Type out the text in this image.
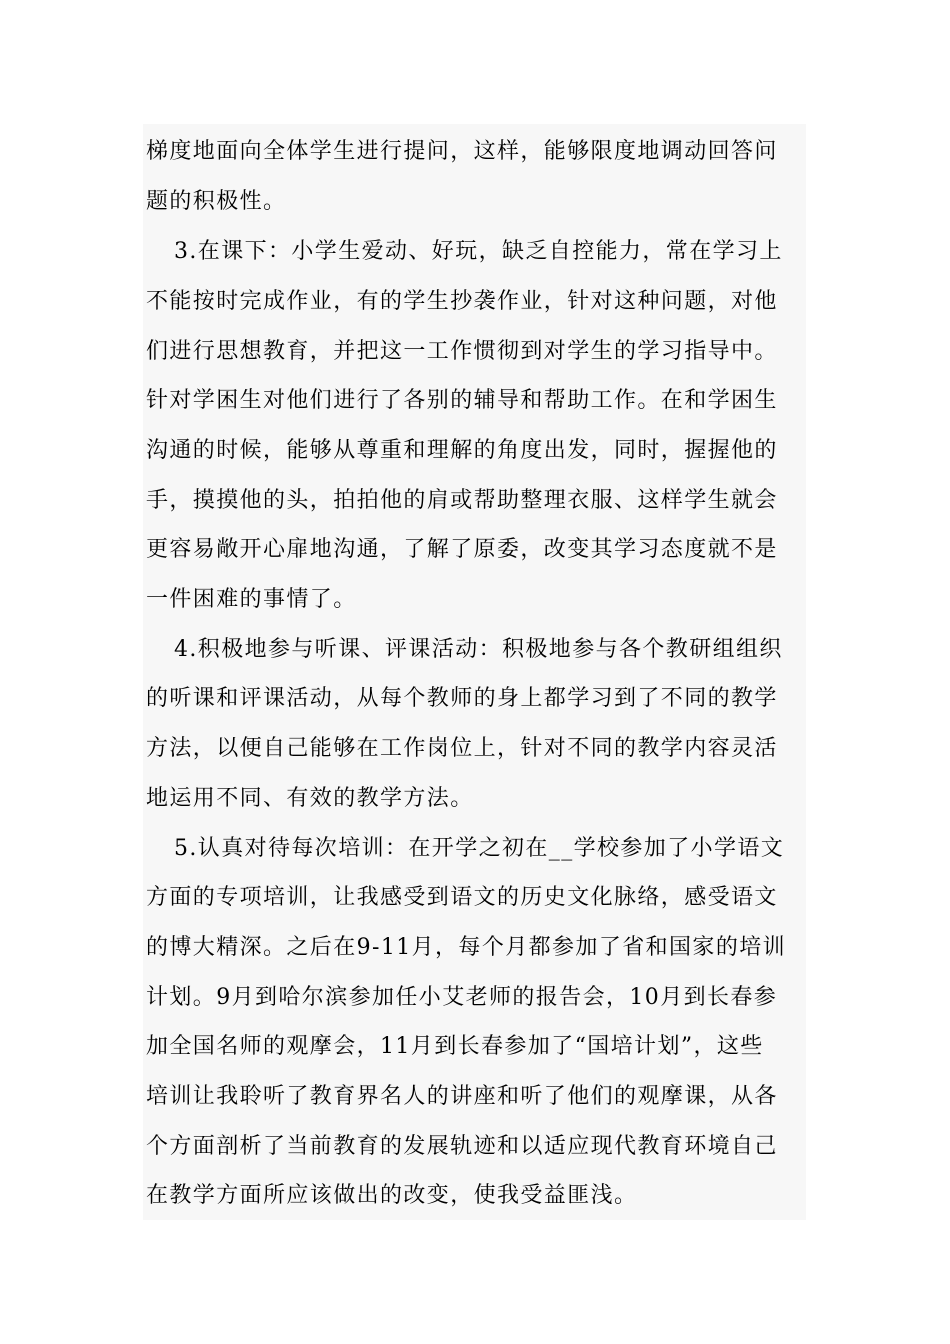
梯度地面向全体学生进行提问，这样，能够限度地调动回答问
题的积极性。
3.在课下：小学生爱动、好玩，缺乏自控能力，常在学习上
不能按时完成作业，有的学生抄袭作业，针对这种问题，对他
们进行思想教育，并把这一工作惯彻到对学生的学习指导中。
针对学困生对他们进行了各别的辅导和帮助工作。在和学困生
沟通的时候，能够从尊重和理解的角度出发，同时，握握他的
手，摸摸他的头，拍拍他的肩或帮助整理衣服、这样学生就会
更容易敞开心扉地沟通，了解了原委，改变其学习态度就不是
一件困难的事情了。
4.积极地参与听课、评课活动：积极地参与各个教研组组织
的听课和评课活动，从每个教师的身上都学习到了不同的教学
方法，以便自己能够在工作岗位上，针对不同的教学内容灵活
地运用不同、有效的教学方法。
5.认真对待每次培训：在开学之初在__学校参加了小学语文
方面的专项培训，让我感受到语文的历史文化脉络，感受语文
的博大精深。之后在9-11月，每个月都参加了省和国家的培训
计划。9月到哈尔滨参加任小艾老师的报告会，10月到长春参
加全国名师的观摩会，11月到长春参加了“国培计划”，这些
培训让我聆听了教育界名人的讲座和听了他们的观摩课，从各
个方面剖析了当前教育的发展轨迹和以适应现代教育环境自己
在教学方面所应该做出的改变，使我受益匪浅。
